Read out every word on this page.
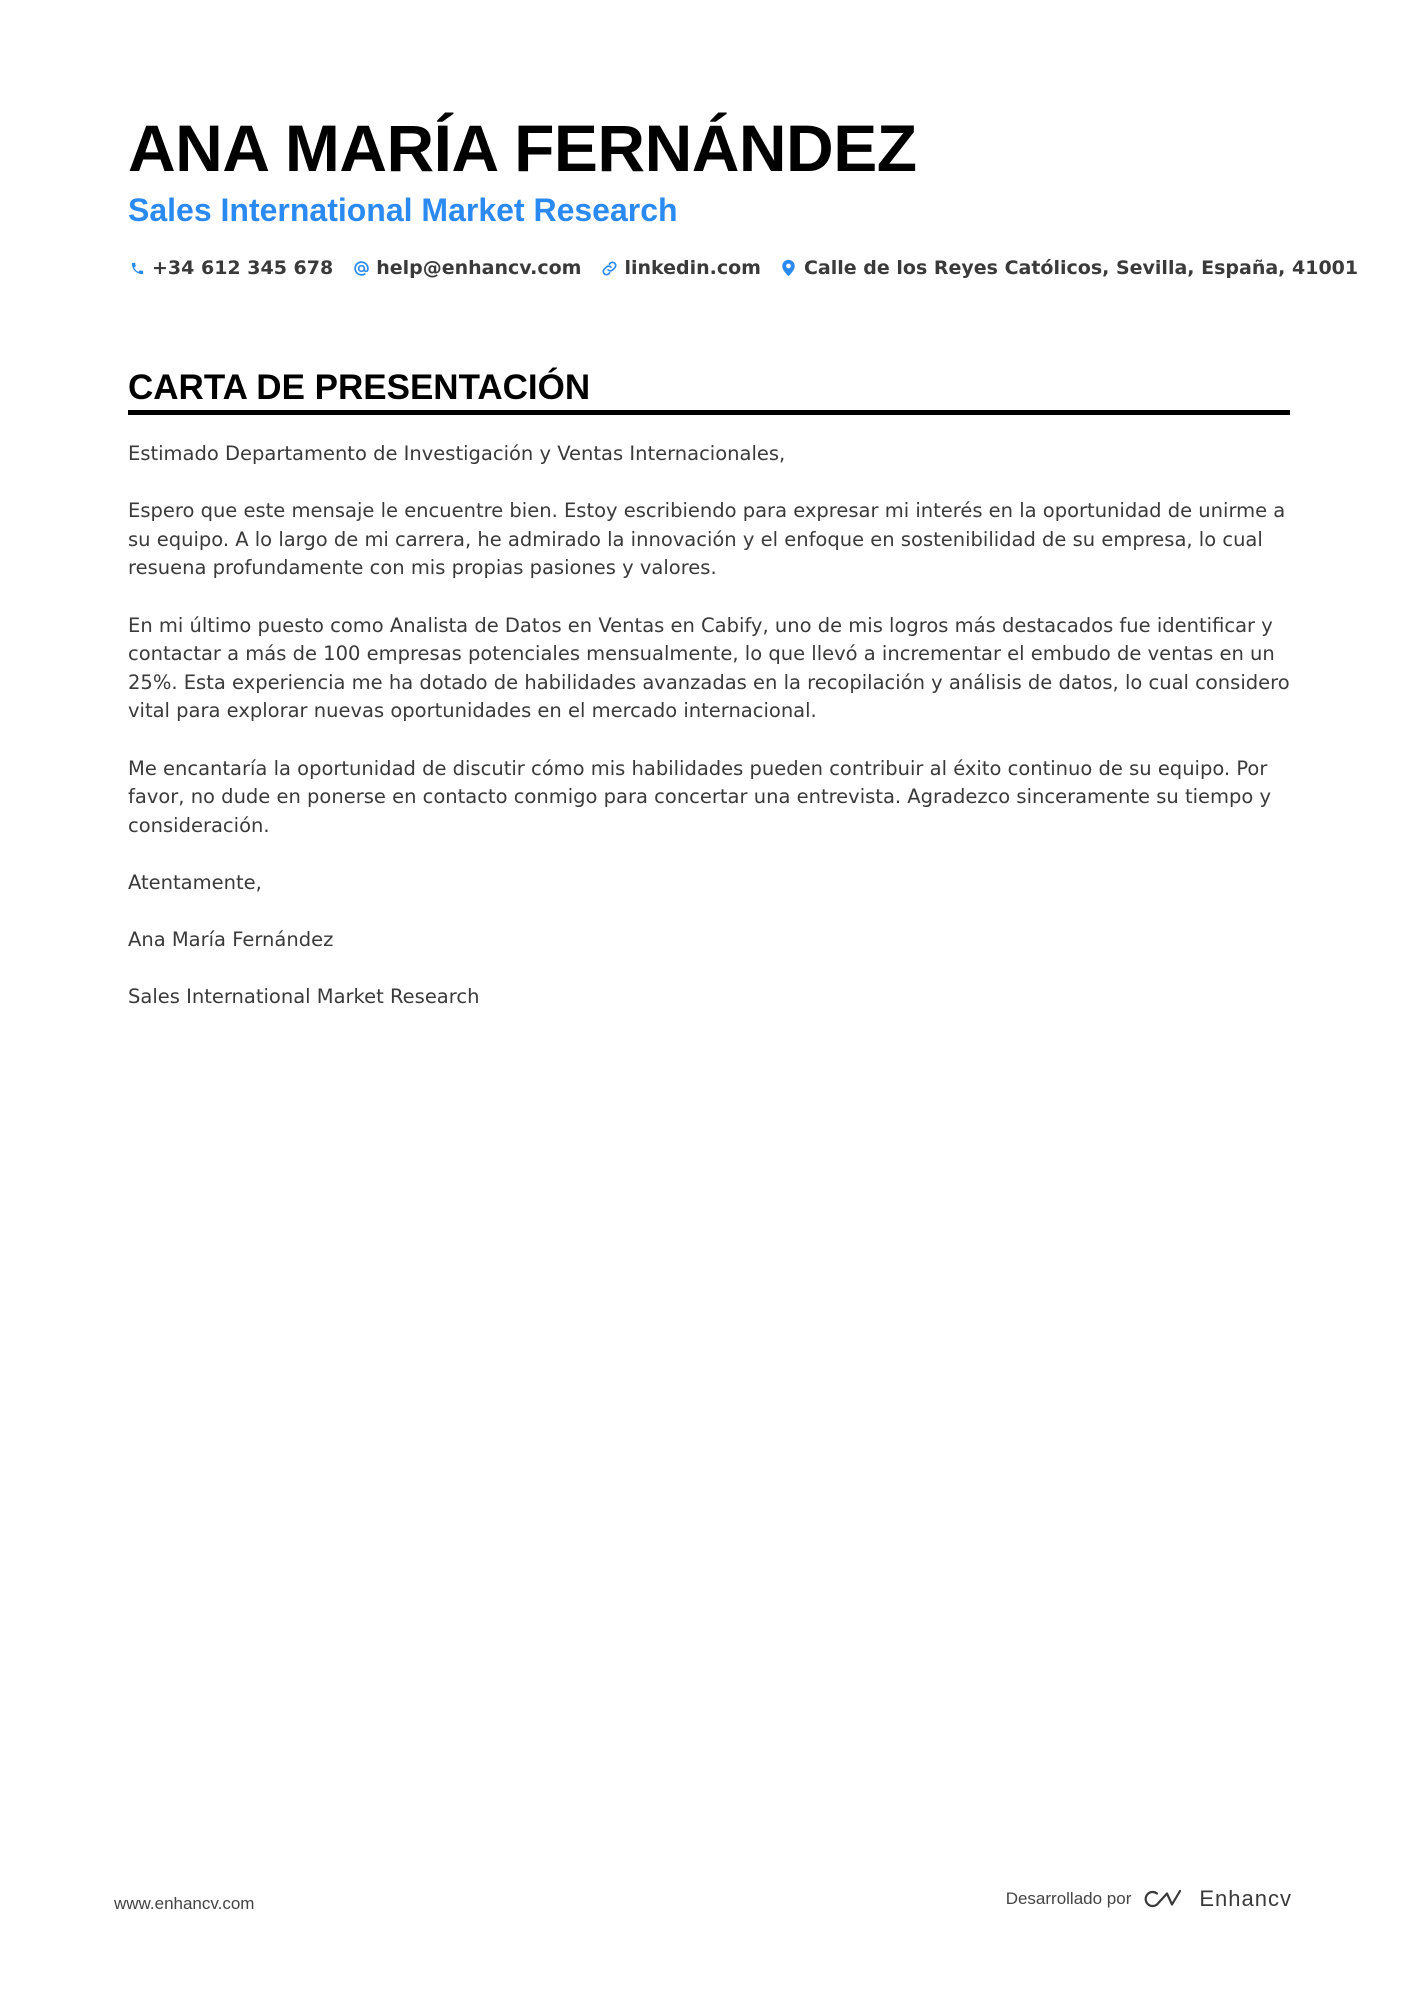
ANA MARÍA FERNÁNDEZ
Sales International Market Research
+34 612 345 678 help@enhancv.com linkedin.com Calle de los Reyes Católicos, Sevilla, España, 41001
CARTA DE PRESENTACIÓN

Estimado Departamento de Investigación y Ventas Internacionales,

Espero que este mensaje le encuentre bien. Estoy escribiendo para expresar mi interés en la oportunidad de unirme a su equipo. A lo largo de mi carrera, he admirado la innovación y el enfoque en sostenibilidad de su empresa, lo cual resuena profundamente con mis propias pasiones y valores.

En mi último puesto como Analista de Datos en Ventas en Cabify, uno de mis logros más destacados fue identificar y contactar a más de 100 empresas potenciales mensualmente, lo que llevó a incrementar el embudo de ventas en un 25%. Esta experiencia me ha dotado de habilidades avanzadas en la recopilación y análisis de datos, lo cual considero vital para explorar nuevas oportunidades en el mercado internacional.

Me encantaría la oportunidad de discutir cómo mis habilidades pueden contribuir al éxito continuo de su equipo. Por favor, no dude en ponerse en contacto conmigo para concertar una entrevista. Agradezco sinceramente su tiempo y consideración.

Atentamente,

Ana María Fernández

Sales International Market Research

www.enhancv.com	Desarrollado por	Enhancv
